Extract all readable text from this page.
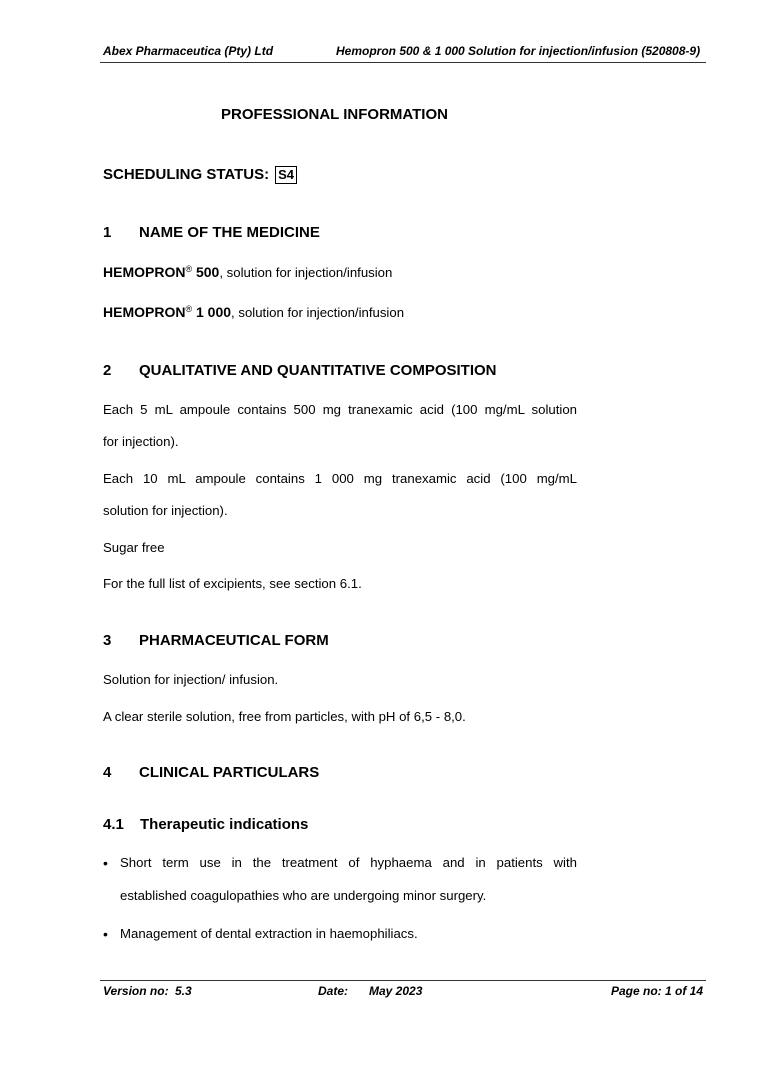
Abex Pharmaceutica (Pty) Ltd	Hemopron 500 & 1 000 Solution for injection/infusion (520808-9)
PROFESSIONAL INFORMATION
SCHEDULING STATUS: S4
1 NAME OF THE MEDICINE
HEMOPRON® 500, solution for injection/infusion
HEMOPRON® 1 000, solution for injection/infusion
2 QUALITATIVE AND QUANTITATIVE COMPOSITION
Each 5 mL ampoule contains 500 mg tranexamic acid (100 mg/mL solution
for injection).
Each 10 mL ampoule contains 1 000 mg tranexamic acid (100 mg/mL
solution for injection).
Sugar free
For the full list of excipients, see section 6.1.
3 PHARMACEUTICAL FORM
Solution for injection/ infusion.
A clear sterile solution, free from particles, with pH of 6,5 - 8,0.
4 CLINICAL PARTICULARS
4.1 Therapeutic indications
• Short term use in the treatment of hyphaema and in patients with
established coagulopathies who are undergoing minor surgery.
• Management of dental extraction in haemophiliacs.
Version no: 5.3	Date: May 2023	Page no: 1 of 14
